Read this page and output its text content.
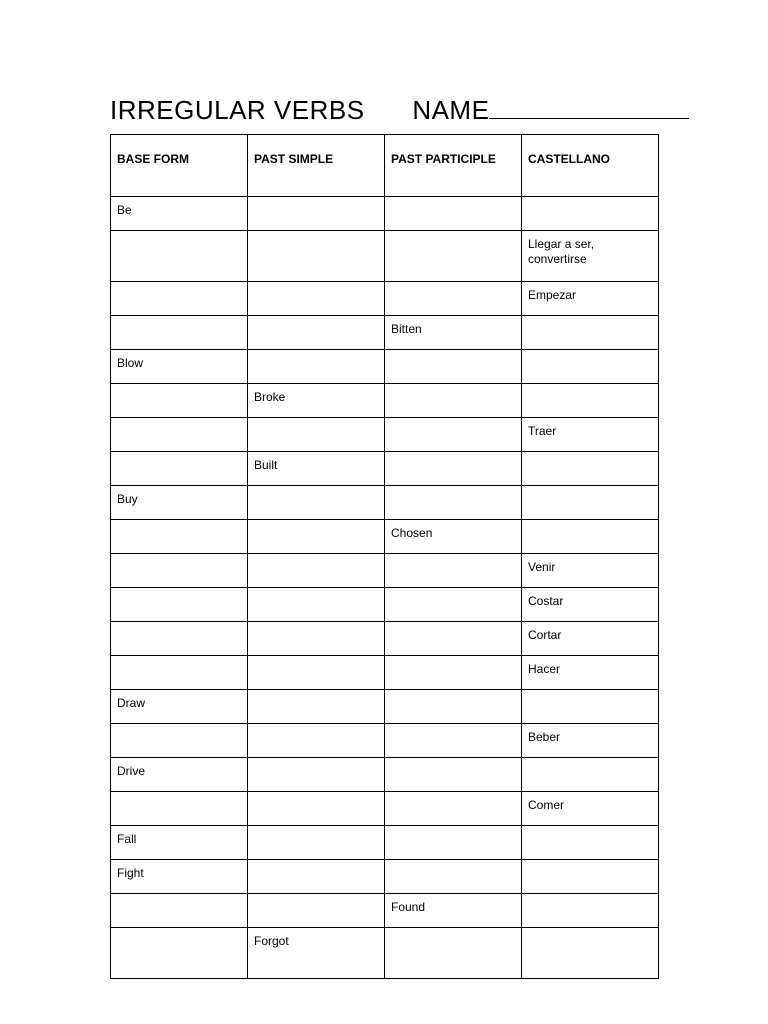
IRREGULAR VERBS NAME
BASE FORM	PAST SIMPLE	PAST PARTICIPLE	CASTELLANO
Be			
			Llegar a ser, convertirse
			Empezar
		Bitten	
Blow			
	Broke		
			Traer
	Built		
Buy			
		Chosen	
			Venir
			Costar
			Cortar
			Hacer
Draw			
			Beber
Drive			
			Comer
Fall			
Fight			
		Found	
	Forgot		
